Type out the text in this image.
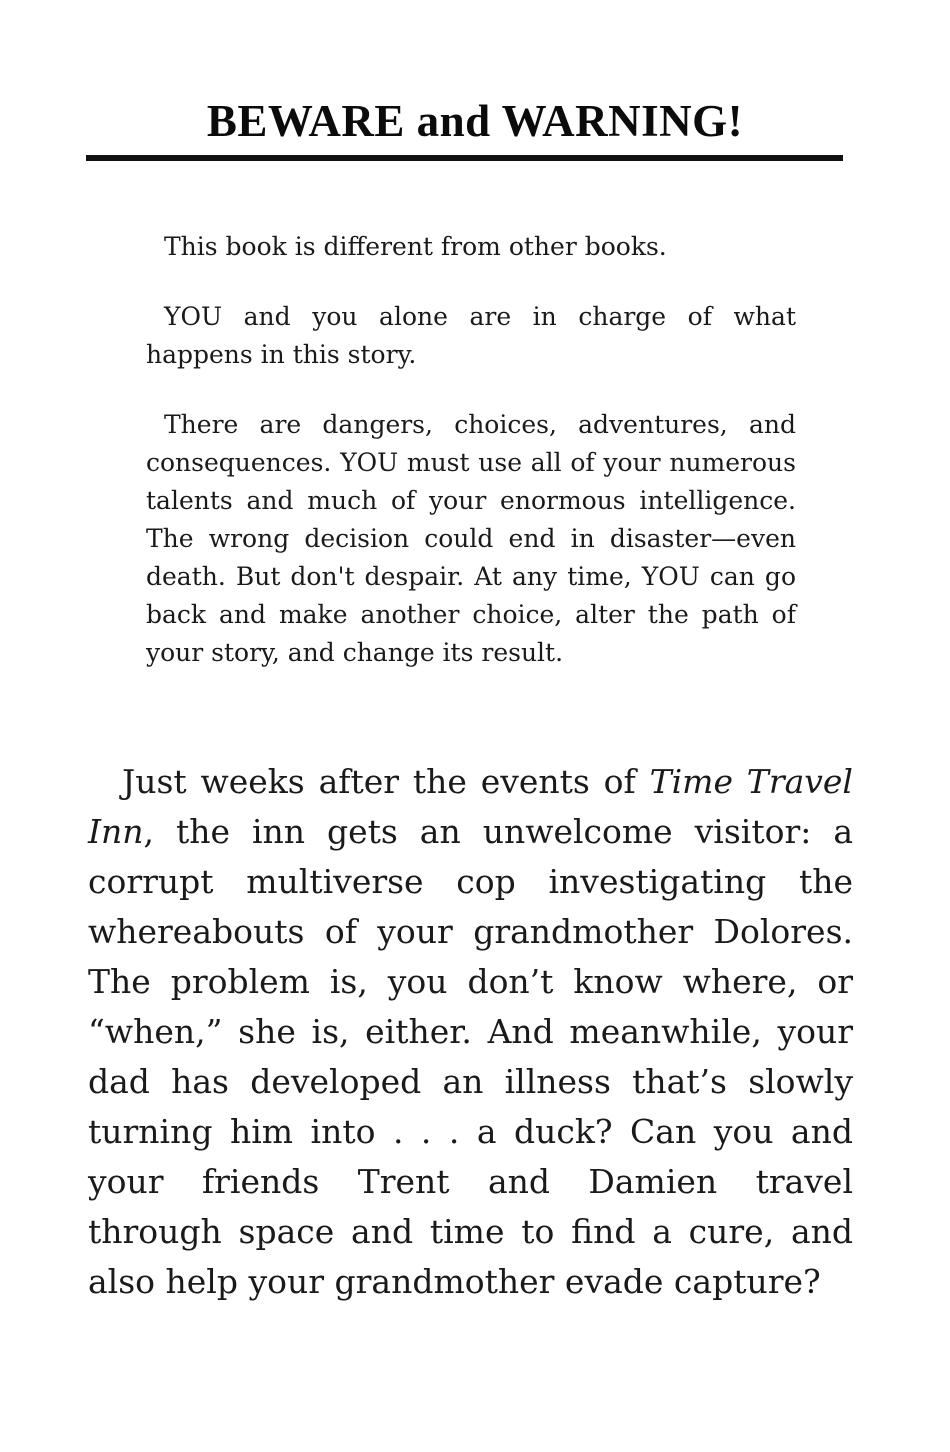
BEWARE and WARNING!

This book is different from other books.

YOU and you alone are in charge of what happens in this story.

There are dangers, choices, adventures, and consequences. YOU must use all of your numerous talents and much of your enormous intelligence. The wrong decision could end in disaster—even death. But don't despair. At any time, YOU can go back and make another choice, alter the path of your story, and change its result.

Just weeks after the events of Time Travel Inn, the inn gets an unwelcome visitor: a corrupt multiverse cop investigating the whereabouts of your grandmother Dolores. The problem is, you don’t know where, or “when,” she is, either. And meanwhile, your dad has developed an illness that’s slowly turning him into . . . a duck? Can you and your friends Trent and Damien travel through space and time to find a cure, and also help your grandmother evade capture?
